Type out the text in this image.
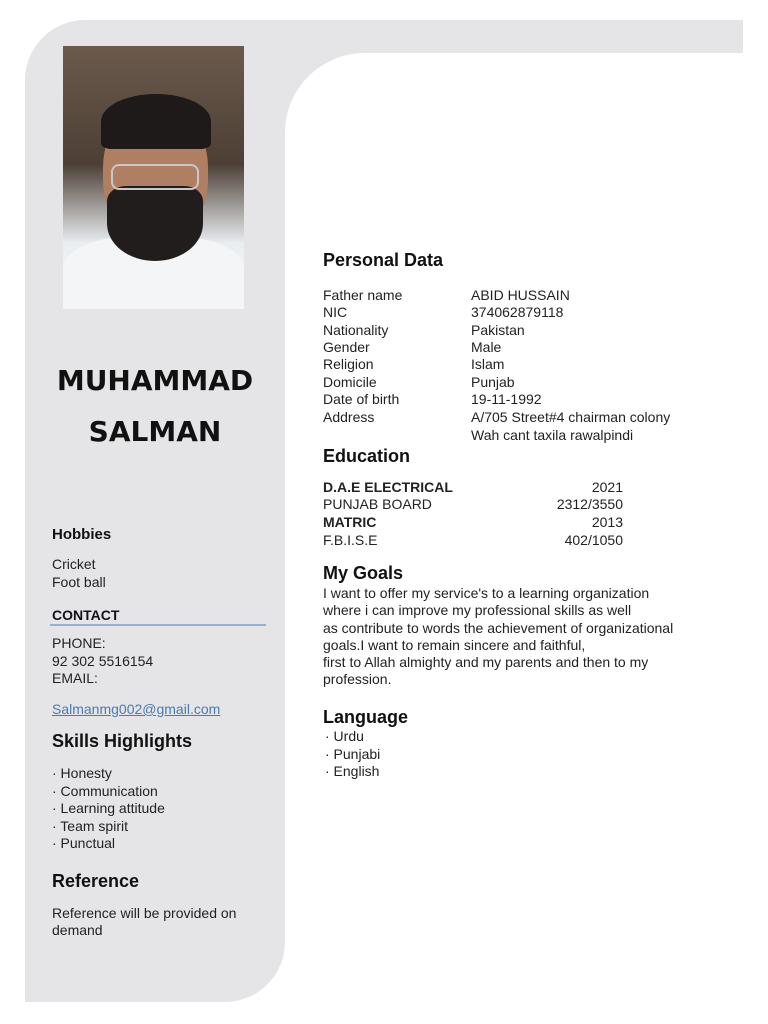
MUHAMMAD
SALMAN
Hobbies
Cricket
Foot ball
CONTACT
PHONE:
92 302 5516154
EMAIL:
Salmanmg002@gmail.com
Skills Highlights
· Honesty
· Communication
· Learning attitude
· Team spirit
· Punctual
Reference
Reference will be provided on
demand
Personal Data
Father name	ABID HUSSAIN
NIC	374062879118
Nationality	Pakistan
Gender	Male
Religion	Islam
Domicile	Punjab
Date of birth	19-11-1992
Address	A/705 Street#4 chairman colony
Wah cant taxila rawalpindi
Education
D.A.E ELECTRICAL	2021
PUNJAB BOARD	2312/3550
MATRIC	2013
F.B.I.S.E	402/1050
My Goals
I want to offer my service's to a learning organization
where i can improve my professional skills as well
as contribute to words the achievement of organizational
goals.I want to remain sincere and faithful,
first to Allah almighty and my parents and then to my
profession.
Language
· Urdu
· Punjabi
· English
